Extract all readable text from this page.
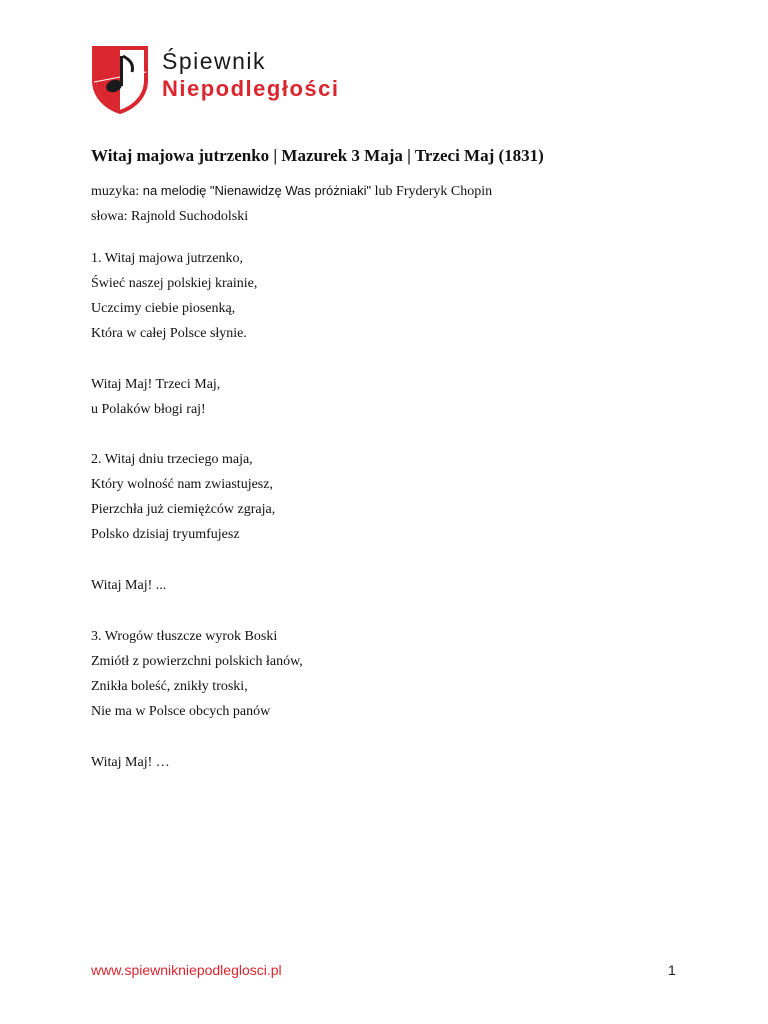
Śpiewnik
Niepodległości
Witaj majowa jutrzenko | Mazurek 3 Maja | Trzeci Maj (1831)
muzyka: na melodię "Nienawidzę Was próżniaki" lub Fryderyk Chopin
słowa: Rajnold Suchodolski
1. Witaj majowa jutrzenko,
Świeć naszej polskiej krainie,
Uczcimy ciebie piosenką,
Która w całej Polsce słynie.
Witaj Maj! Trzeci Maj,
u Polaków błogi raj!
2. Witaj dniu trzeciego maja,
Który wolność nam zwiastujesz,
Pierzchła już ciemiężców zgraja,
Polsko dzisiaj tryumfujesz
Witaj Maj! ...
3. Wrogów tłuszcze wyrok Boski
Zmiótł z powierzchni polskich łanów,
Znikła boleść, znikły troski,
Nie ma w Polsce obcych panów
Witaj Maj! …
www.spiewnikniepodleglosci.pl	1
